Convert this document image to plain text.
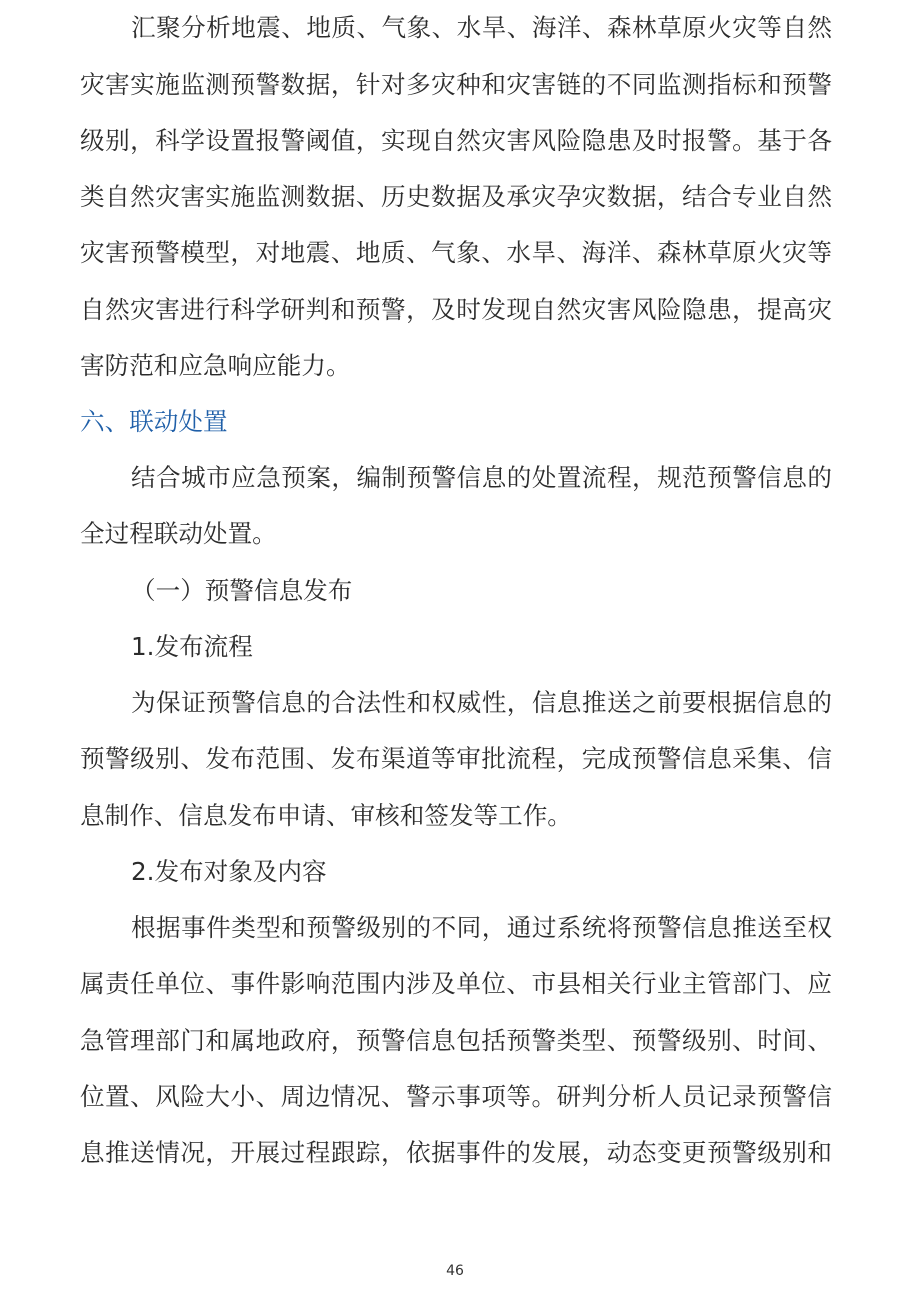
汇聚分析地震、地质、气象、水旱、海洋、森林草原火灾等自然
灾害实施监测预警数据，针对多灾种和灾害链的不同监测指标和预警
级别，科学设置报警阈值，实现自然灾害风险隐患及时报警。基于各
类自然灾害实施监测数据、历史数据及承灾孕灾数据，结合专业自然
灾害预警模型，对地震、地质、气象、水旱、海洋、森林草原火灾等
自然灾害进行科学研判和预警，及时发现自然灾害风险隐患，提高灾
害防范和应急响应能力。
六、联动处置
结合城市应急预案，编制预警信息的处置流程，规范预警信息的
全过程联动处置。
（一）预警信息发布
1.发布流程
为保证预警信息的合法性和权威性，信息推送之前要根据信息的
预警级别、发布范围、发布渠道等审批流程，完成预警信息采集、信
息制作、信息发布申请、审核和签发等工作。
2.发布对象及内容
根据事件类型和预警级别的不同，通过系统将预警信息推送至权
属责任单位、事件影响范围内涉及单位、市县相关行业主管部门、应
急管理部门和属地政府，预警信息包括预警类型、预警级别、时间、
位置、风险大小、周边情况、警示事项等。研判分析人员记录预警信
息推送情况，开展过程跟踪，依据事件的发展，动态变更预警级别和
46
